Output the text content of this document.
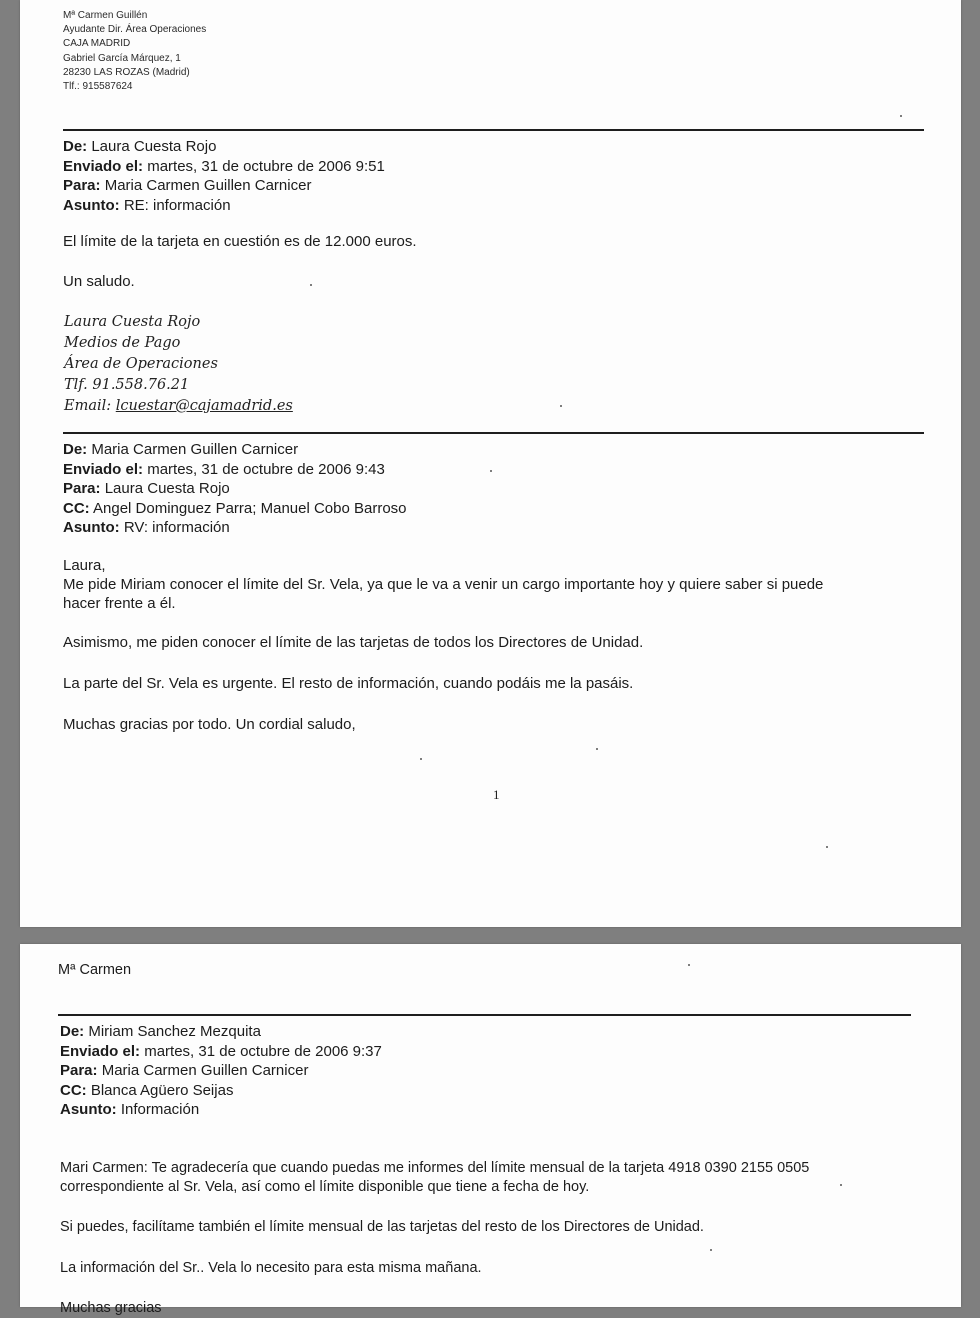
Mª Carmen Guillén
Ayudante Dir. Área Operaciones
CAJA MADRID
Gabriel García Márquez, 1
28230 LAS ROZAS (Madrid)
Tlf.: 915587624
De: Laura Cuesta Rojo
Enviado el: martes, 31 de octubre de 2006 9:51
Para: Maria Carmen Guillen Carnicer
Asunto: RE: información
El límite de la tarjeta en cuestión es de 12.000 euros.
Un saludo.
Laura Cuesta Rojo
Medios de Pago
Área de Operaciones
Tlf. 91.558.76.21
Email: lcuestar@cajamadrid.es
De: Maria Carmen Guillen Carnicer
Enviado el: martes, 31 de octubre de 2006 9:43
Para: Laura Cuesta Rojo
CC: Angel Dominguez Parra; Manuel Cobo Barroso
Asunto: RV: información
Laura,
Me pide Miriam conocer el límite del Sr. Vela, ya que le va a venir un cargo importante hoy y quiere saber si puede
hacer frente a él.
Asimismo, me piden conocer el límite de las tarjetas de todos los Directores de Unidad.
La parte del Sr. Vela es urgente. El resto de información, cuando podáis me la pasáis.
Muchas gracias por todo. Un cordial saludo,
1
Mª Carmen
De: Miriam Sanchez Mezquita
Enviado el: martes, 31 de octubre de 2006 9:37
Para: Maria Carmen Guillen Carnicer
CC: Blanca Agüero Seijas
Asunto: Información
Mari Carmen: Te agradecería que cuando puedas me informes del límite mensual de la tarjeta 4918 0390 2155 0505
correspondiente al Sr. Vela, así como el límite disponible que tiene a fecha de hoy.
Si puedes, facilítame también el límite mensual de las tarjetas del resto de los Directores de Unidad.
La información del Sr.. Vela lo necesito para esta misma mañana.
Muchas gracias
